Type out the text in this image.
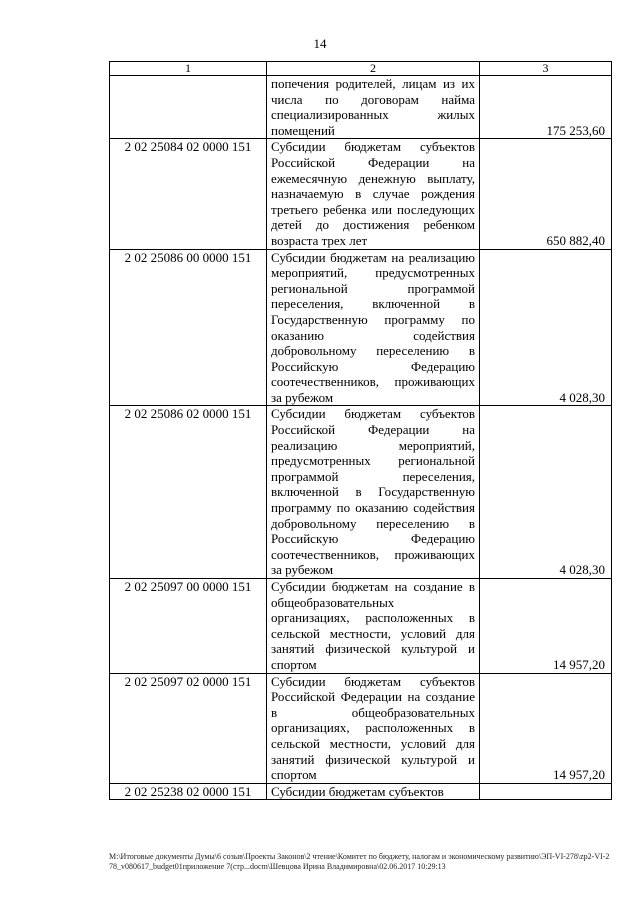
14
1	2	3
	попечения родителей, лицам из их числа по договорам найма специализированных жилых помещений	175 253,60
2 02 25084 02 0000 151	Субсидии бюджетам субъектов Российской Федерации на ежемесячную денежную выплату, назначаемую в случае рождения третьего ребенка или последующих детей до достижения ребенком возраста трех лет	650 882,40
2 02 25086 00 0000 151	Субсидии бюджетам на реализацию мероприятий, предусмотренных региональной программой переселения, включенной в Государственную программу по оказанию содействия добровольному переселению в Российскую Федерацию соотечественников, проживающих за рубежом	4 028,30
2 02 25086 02 0000 151	Субсидии бюджетам субъектов Российской Федерации на реализацию мероприятий, предусмотренных региональной программой переселения, включенной в Государственную программу по оказанию содействия добровольному переселению в Российскую Федерацию соотечественников, проживающих за рубежом	4 028,30
2 02 25097 00 0000 151	Субсидии бюджетам на создание в общеобразовательных организациях, расположенных в сельской местности, условий для занятий физической культурой и спортом	14 957,20
2 02 25097 02 0000 151	Субсидии бюджетам субъектов Российской Федерации на создание в общеобразовательных организациях, расположенных в сельской местности, условий для занятий физической культурой и спортом	14 957,20
2 02 25238 02 0000 151	Субсидии бюджетам субъектов	
M:\Итоговые документы Думы\6 созыв\Проекты Законов\2 чтение\Комитет по бюджету, налогам и экономическому развитию\ЭП-VI-278\zp2-VI-278_v080617_budget01приложение 7(стр...docm\Шевцова Ирина Владимировна\02.06.2017 10:29:13
